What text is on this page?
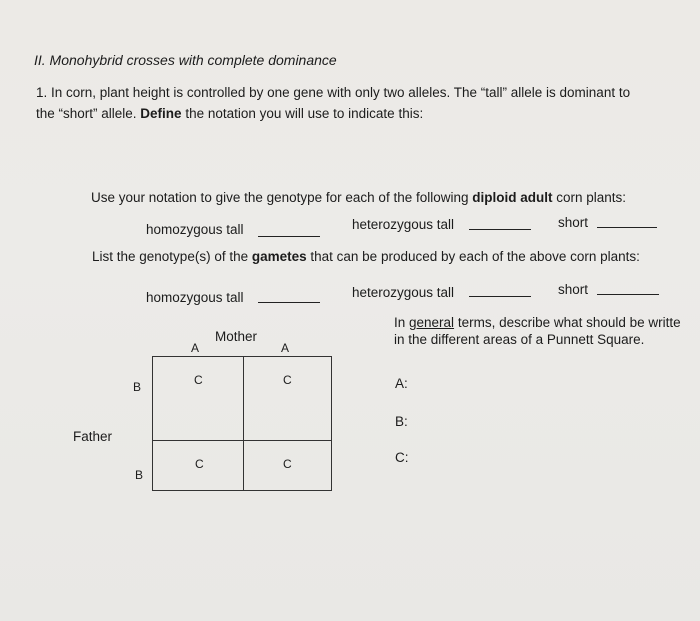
II. Monohybrid crosses with complete dominance
1. In corn, plant height is controlled by one gene with only two alleles. The “tall” allele is dominant to
the “short” allele. Define the notation you will use to indicate this:
Use your notation to give the genotype for each of the following diploid adult corn plants:
homozygous tall	heterozygous tall	short
List the genotype(s) of the gametes that can be produced by each of the above corn plants:
homozygous tall	heterozygous tall	short
Mother
Father
A	A
B
B
C	C
C	C
In general terms, describe what should be writte
in the different areas of a Punnett Square.
A:
B:
C:
